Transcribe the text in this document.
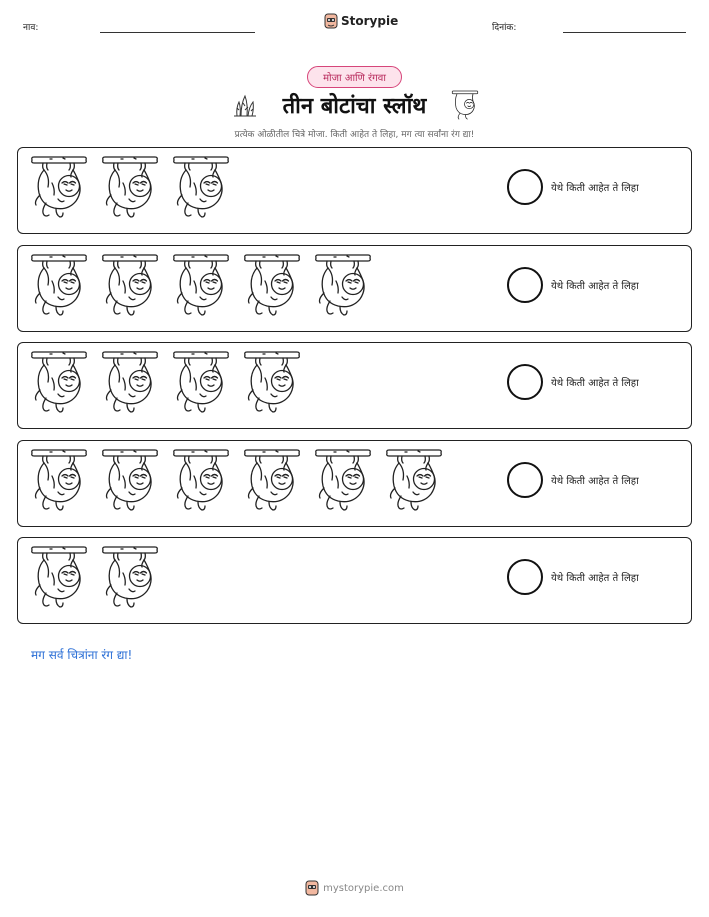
नाव:	Storypie	दिनांक:
मोजा आणि रंगवा
तीन बोटांचा स्लॉथ
प्रत्येक ओळीतील चित्रे मोजा. किती आहेत ते लिहा, मग त्या सर्वांना रंग द्या!
येथे किती आहेत ते लिहा
येथे किती आहेत ते लिहा
येथे किती आहेत ते लिहा
येथे किती आहेत ते लिहा
येथे किती आहेत ते लिहा
मग सर्व चित्रांना रंग द्या!
mystorypie.com
